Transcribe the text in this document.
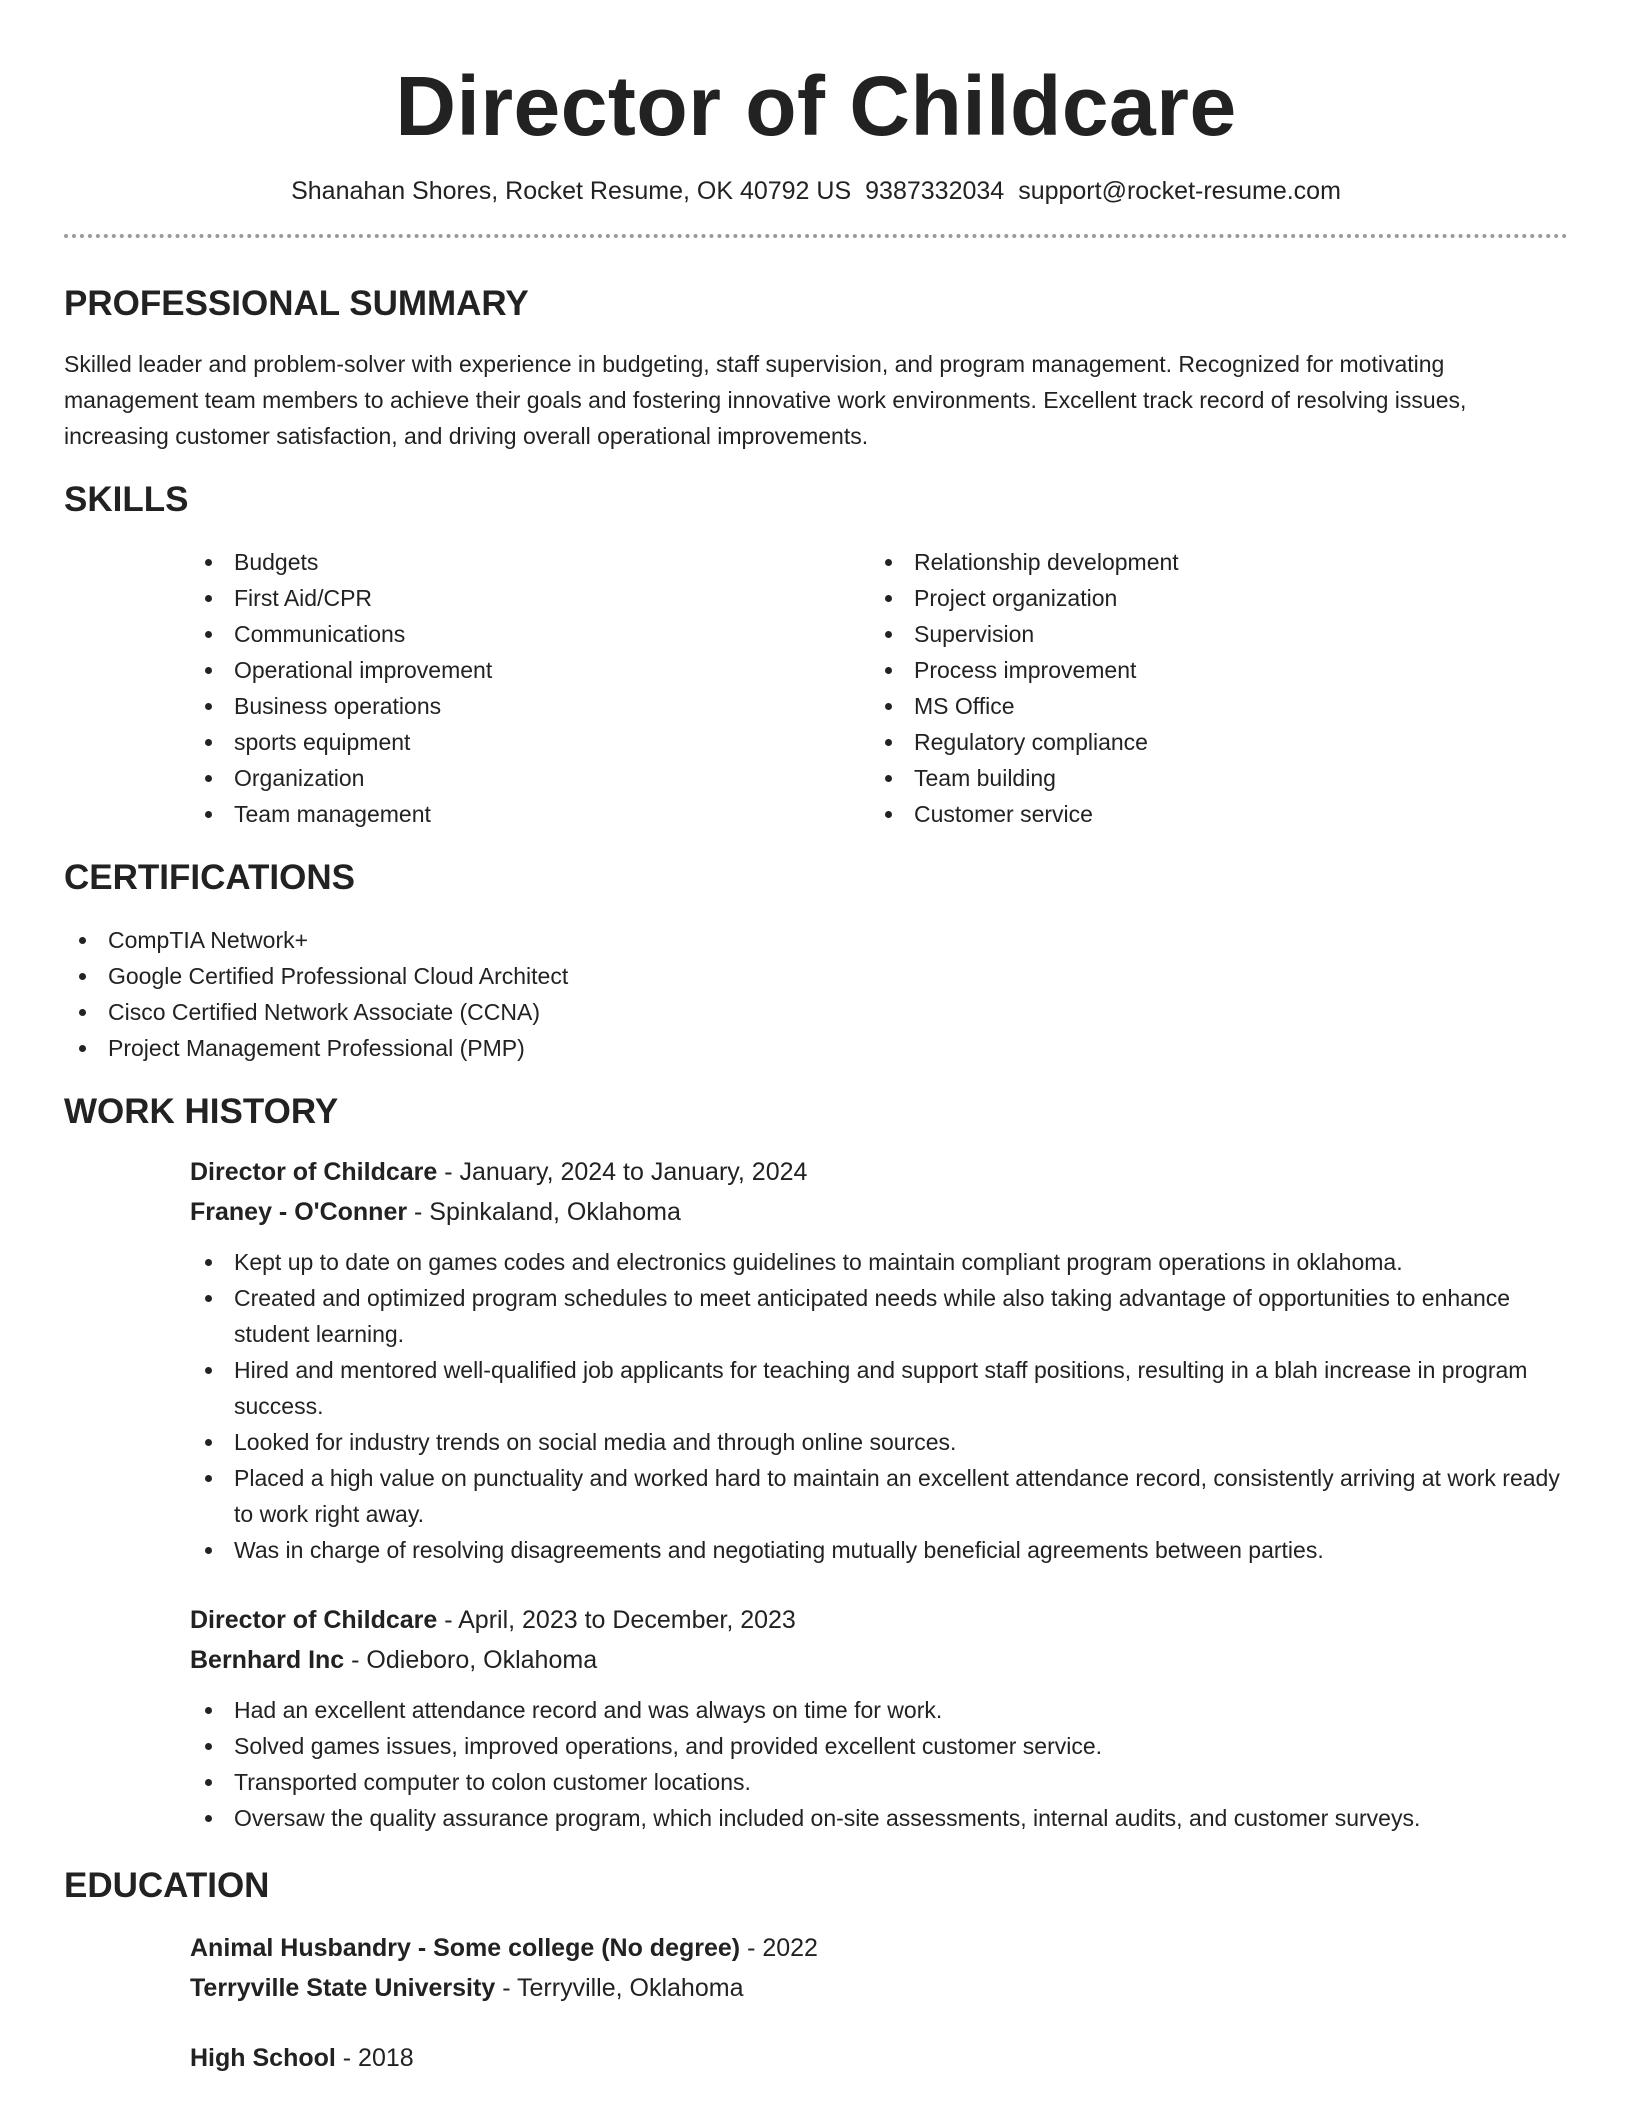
Director of Childcare
Shanahan Shores, Rocket Resume, OK 40792 US 9387332034 support@rocket-resume.com
PROFESSIONAL SUMMARY

Skilled leader and problem-solver with experience in budgeting, staff supervision, and program management. Recognized for motivating management team members to achieve their goals and fostering innovative work environments. Excellent track record of resolving issues, increasing customer satisfaction, and driving overall operational improvements.

SKILLS
Budgets
First Aid/CPR
Communications
Operational improvement
Business operations
sports equipment
Organization
Team management
Relationship development
Project organization
Supervision
Process improvement
MS Office
Regulatory compliance
Team building
Customer service
CERTIFICATIONS
CompTIA Network+
Google Certified Professional Cloud Architect
Cisco Certified Network Associate (CCNA)
Project Management Professional (PMP)
WORK HISTORY
Director of Childcare - January, 2024 to January, 2024
Franey - O'Conner - Spinkaland, Oklahoma
Kept up to date on games codes and electronics guidelines to maintain compliant program operations in oklahoma.
Created and optimized program schedules to meet anticipated needs while also taking advantage of opportunities to enhance student learning.
Hired and mentored well-qualified job applicants for teaching and support staff positions, resulting in a blah increase in program success.
Looked for industry trends on social media and through online sources.
Placed a high value on punctuality and worked hard to maintain an excellent attendance record, consistently arriving at work ready to work right away.
Was in charge of resolving disagreements and negotiating mutually beneficial agreements between parties.
Director of Childcare - April, 2023 to December, 2023
Bernhard Inc - Odieboro, Oklahoma
Had an excellent attendance record and was always on time for work.
Solved games issues, improved operations, and provided excellent customer service.
Transported computer to colon customer locations.
Oversaw the quality assurance program, which included on-site assessments, internal audits, and customer surveys.
EDUCATION
Animal Husbandry - Some college (No degree) - 2022
Terryville State University - Terryville, Oklahoma
High School - 2018
